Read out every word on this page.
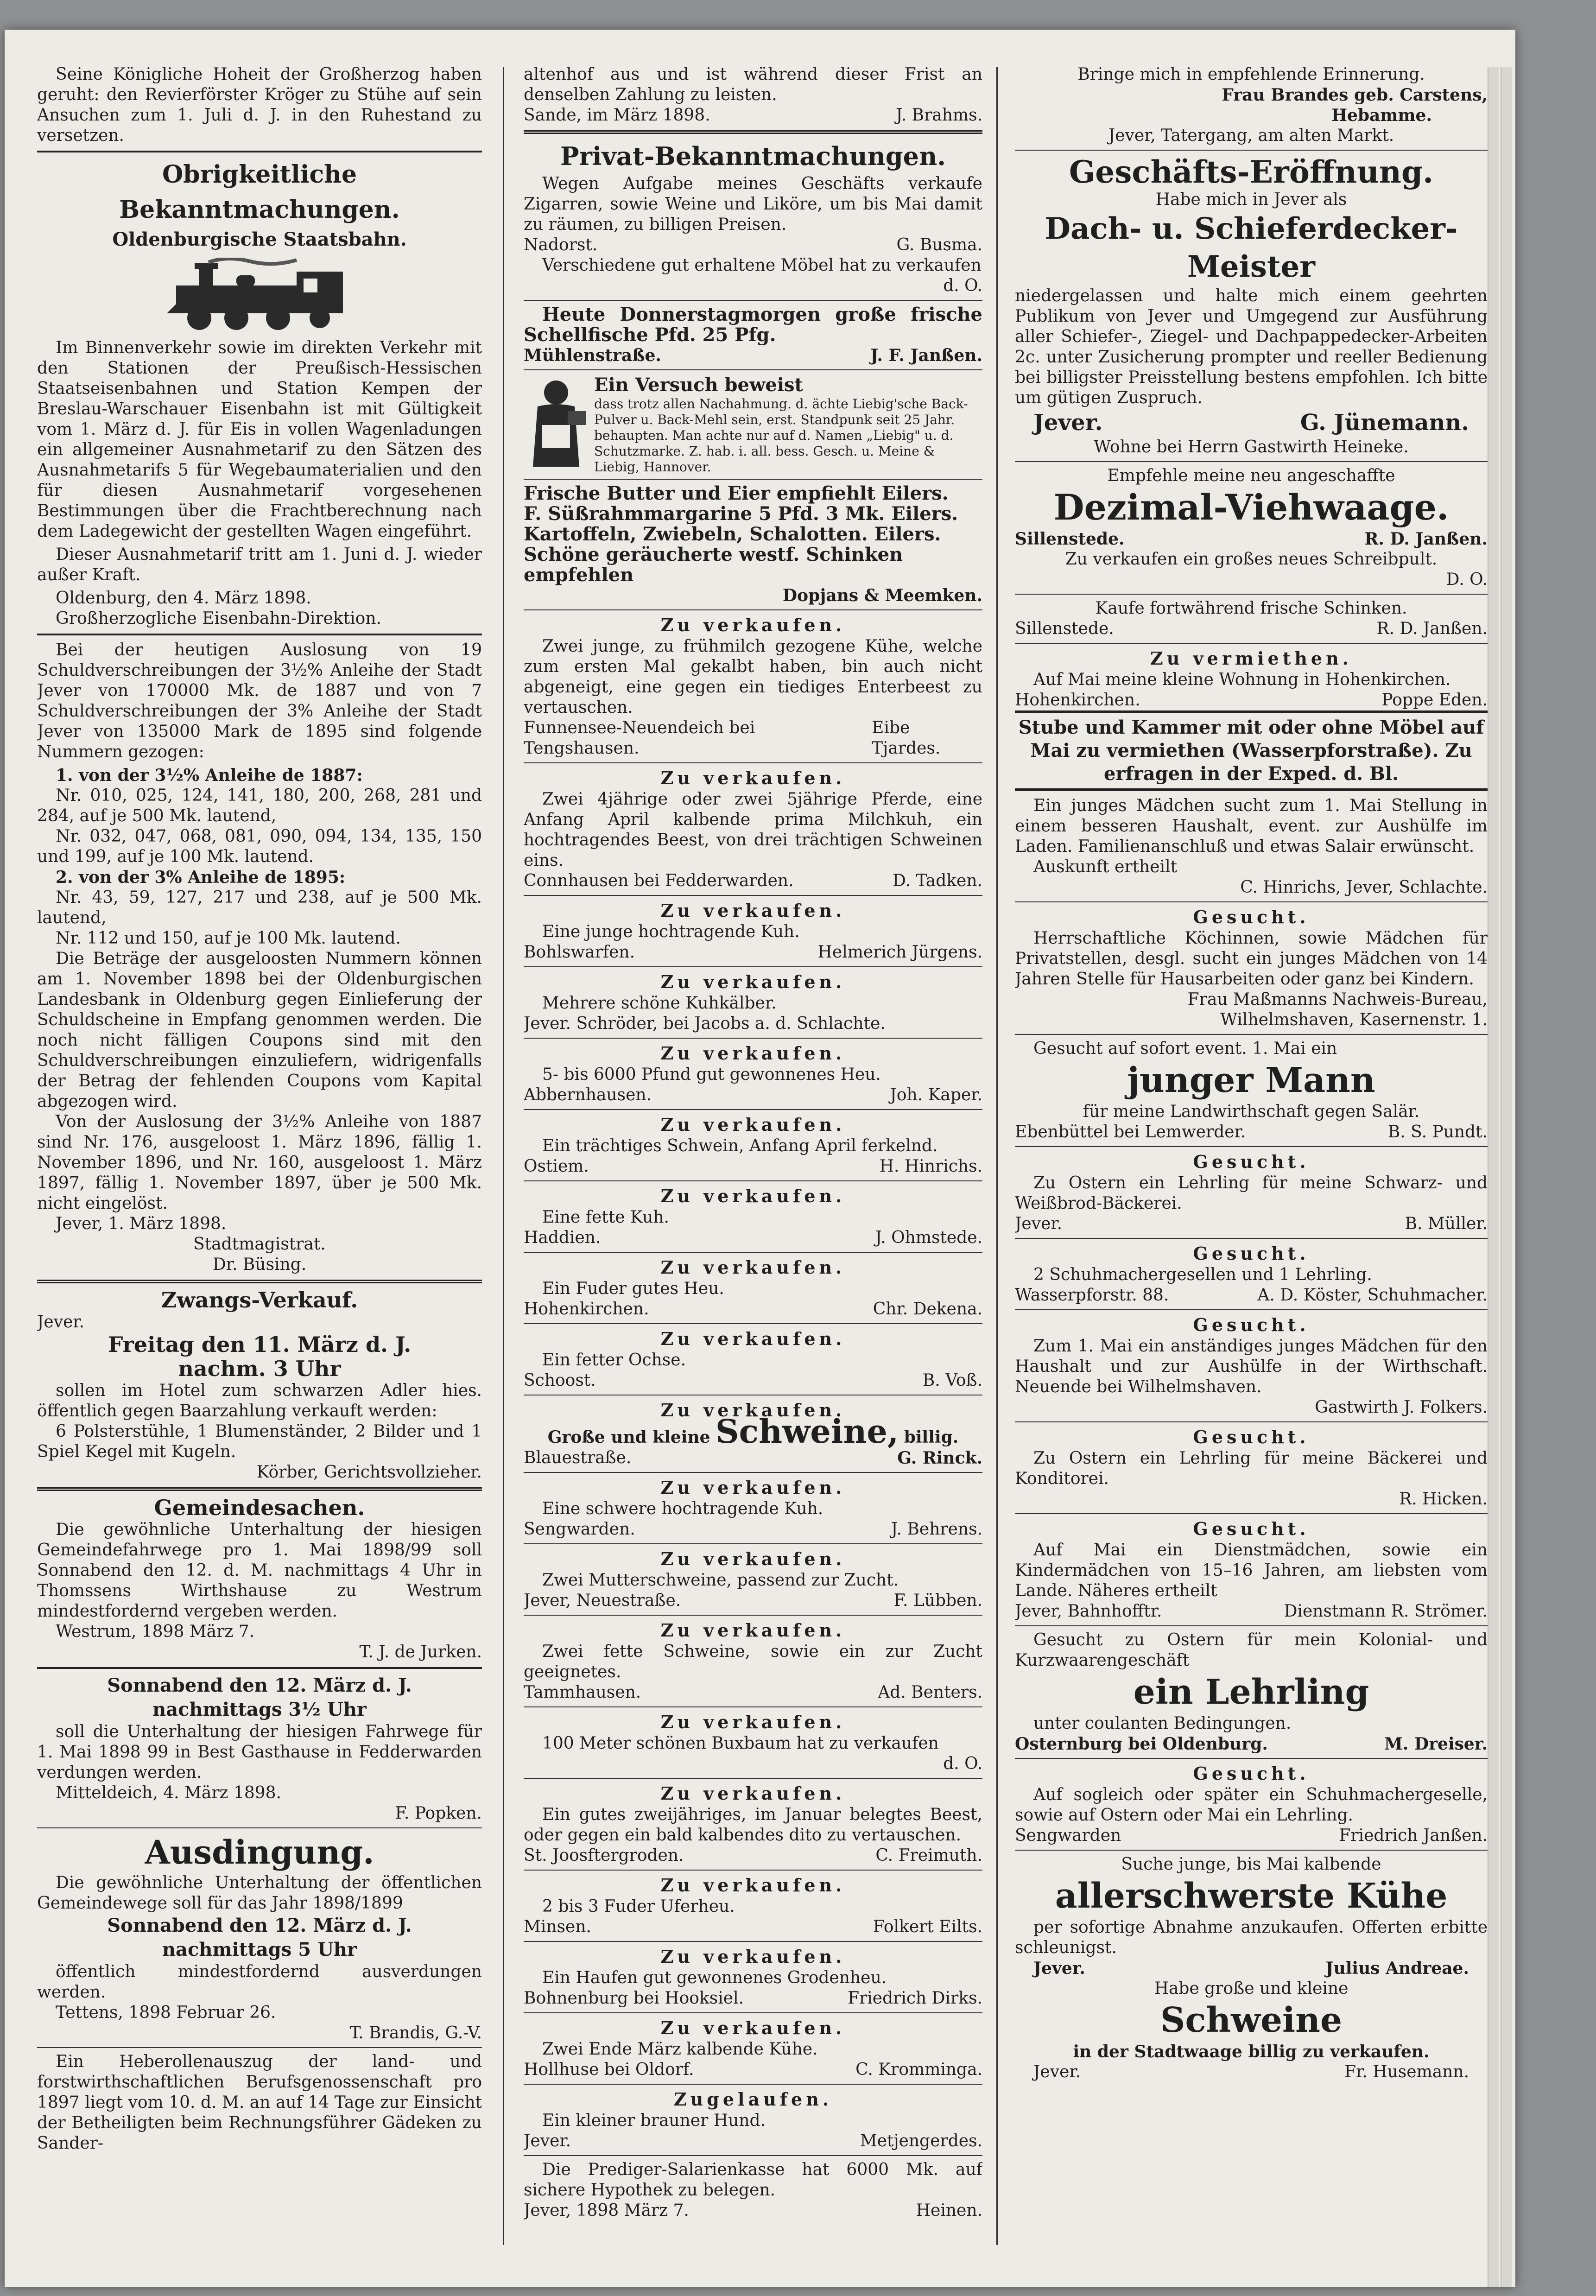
Seine Königliche Hoheit der Großherzog haben geruht: den Revierförster Kröger zu Stühe auf sein Ansuchen zum 1. Juli d. J. in den Ruhestand zu versetzen.
Obrigkeitliche Bekanntmachungen.
Oldenburgische Staatsbahn.
Im Binnenverkehr sowie im direkten Verkehr mit den Stationen der Preußisch-Hessischen Staatseisenbahnen und Station Kempen der Breslau-Warschauer Eisenbahn ist mit Gültigkeit vom 1. März d. J. für Eis in vollen Wagenladungen ein allgemeiner Ausnahmetarif zu den Sätzen des Ausnahmetarifs 5 für Wegebaumaterialien und den für diesen Ausnahmetarif vorgesehenen Bestimmungen über die Frachtberechnung nach dem Ladegewicht der gestellten Wagen eingeführt.
Dieser Ausnahmetarif tritt am 1. Juni d. J. wieder außer Kraft.
Oldenburg, den 4. März 1898.
Großherzogliche Eisenbahn-Direktion.
Bei der heutigen Auslosung von 19 Schuldverschreibungen der 3½% Anleihe der Stadt Jever von 170000 Mk. de 1887 und von 7 Schuldverschreibungen der 3% Anleihe der Stadt Jever von 135000 Mark de 1895 sind folgende Nummern gezogen:
1. von der 3½% Anleihe de 1887:
Nr. 010, 025, 124, 141, 180, 200, 268, 281 und 284, auf je 500 Mk. lautend,
Nr. 032, 047, 068, 081, 090, 094, 134, 135, 150 und 199, auf je 100 Mk. lautend.
2. von der 3% Anleihe de 1895:
Nr. 43, 59, 127, 217 und 238, auf je 500 Mk. lautend,
Nr. 112 und 150, auf je 100 Mk. lautend.
Die Beträge der ausgeloosten Nummern können am 1. November 1898 bei der Oldenburgischen Landesbank in Oldenburg gegen Einlieferung der Schuldscheine in Empfang genommen werden. Die noch nicht fälligen Coupons sind mit den Schuldverschreibungen einzuliefern, widrigenfalls der Betrag der fehlenden Coupons vom Kapital abgezogen wird.
Von der Auslosung der 3½% Anleihe von 1887 sind Nr. 176, ausgeloost 1. März 1896, fällig 1. November 1896, und Nr. 160, ausgeloost 1. März 1897, fällig 1. November 1897, über je 500 Mk. nicht eingelöst.
Jever, 1. März 1898.
Stadtmagistrat.
Dr. Büsing.
Zwangs-Verkauf.
Jever.
Freitag den 11. März d. J.
nachm. 3 Uhr
sollen im Hotel zum schwarzen Adler hies. öffentlich gegen Baarzahlung verkauft werden:
6 Polsterstühle, 1 Blumenständer, 2 Bilder und 1 Spiel Kegel mit Kugeln.
Körber, Gerichtsvollzieher.
Gemeindesachen.
Die gewöhnliche Unterhaltung der hiesigen Gemeindefahrwege pro 1. Mai 1898/99 soll Sonnabend den 12. d. M. nachmittags 4 Uhr in Thomssens Wirthshause zu Westrum mindestfordernd vergeben werden.
Westrum, 1898 März 7.
T. J. de Jurken.
Sonnabend den 12. März d. J.
nachmittags 3½ Uhr
soll die Unterhaltung der hiesigen Fahrwege für 1. Mai 1898 99 in Best Gasthause in Fedderwarden verdungen werden.
Mitteldeich, 4. März 1898.
F. Popken.
Ausdingung.
Die gewöhnliche Unterhaltung der öffentlichen Gemeindewege soll für das Jahr 1898/1899
Sonnabend den 12. März d. J.
nachmittags 5 Uhr
öffentlich mindestfordernd ausverdungen werden.
Tettens, 1898 Februar 26.
T. Brandis, G.-V.
Ein Heberollenauszug der land- und forstwirthschaftlichen Berufsgenossenschaft pro 1897 liegt vom 10. d. M. an auf 14 Tage zur Einsicht der Betheiligten beim Rechnungsführer Gädeken zu Sander-
altenhof aus und ist während dieser Frist an denselben Zahlung zu leisten.
Sande, im März 1898.	J. Brahms.
Privat-Bekanntmachungen.
Wegen Aufgabe meines Geschäfts verkaufe Zigarren, sowie Weine und Liköre, um bis Mai damit zu räumen, zu billigen Preisen.
Nadorst.	G. Busma.
Verschiedene gut erhaltene Möbel hat zu verkaufen
d. O.
Heute Donnerstagmorgen große frische Schellfische Pfd. 25 Pfg.
Mühlenstraße.	J. F. Janßen.
Ein Versuch beweist
dass trotz allen Nachahmung. d. ächte Liebig'sche Back-Pulver u. Back-Mehl sein, erst. Standpunk seit 25 Jahr. behaupten. Man achte nur auf d. Namen „Liebig" u. d. Schutzmarke. Z. hab. i. all. bess. Gesch. u. Meine & Liebig, Hannover.
Frische Butter und Eier empfiehlt Eilers.
F. Süßrahmmargarine 5 Pfd. 3 Mk. Eilers.
Kartoffeln, Zwiebeln, Schalotten. Eilers.
Schöne geräucherte westf. Schinken empfehlen
Dopjans & Meemken.
Zu verkaufen.
Zwei junge, zu frühmilch gezogene Kühe, welche zum ersten Mal gekalbt haben, bin auch nicht abgeneigt, eine gegen ein tiediges Enterbeest zu vertauschen.
Funnensee-Neuendeich bei Tengshausen.
Eibe Tjardes.
Zu verkaufen.
Zwei 4jährige oder zwei 5jährige Pferde, eine Anfang April kalbende prima Milchkuh, ein hochtragendes Beest, von drei trächtigen Schweinen eins.
Connhausen bei Fedderwarden.	D. Tadken.
Zu verkaufen.
Eine junge hochtragende Kuh.
Bohlswarfen.	Helmerich Jürgens.
Zu verkaufen.
Mehrere schöne Kuhkälber.
Jever. Schröder, bei Jacobs a. d. Schlachte.
Zu verkaufen.
5- bis 6000 Pfund gut gewonnenes Heu.
Abbernhausen.	Joh. Kaper.
Zu verkaufen.
Ein trächtiges Schwein, Anfang April ferkelnd.
Ostiem.	H. Hinrichs.
Zu verkaufen.
Eine fette Kuh.
Haddien.	J. Ohmstede.
Zu verkaufen.
Ein Fuder gutes Heu.
Hohenkirchen.	Chr. Dekena.
Zu verkaufen.
Ein fetter Ochse.
Schoost.	B. Voß.
Zu verkaufen.
Große und kleine Schweine, billig.
Blauestraße.	G. Rinck.
Zu verkaufen.
Eine schwere hochtragende Kuh.
Sengwarden.	J. Behrens.
Zu verkaufen.
Zwei Mutterschweine, passend zur Zucht.
Jever, Neuestraße.	F. Lübben.
Zu verkaufen.
Zwei fette Schweine, sowie ein zur Zucht geeignetes.
Tammhausen.	Ad. Benters.
Zu verkaufen.
100 Meter schönen Buxbaum hat zu verkaufen
d. O.
Zu verkaufen.
Ein gutes zweijähriges, im Januar belegtes Beest, oder gegen ein bald kalbendes dito zu vertauschen.
St. Joosftergroden.	C. Freimuth.
Zu verkaufen.
2 bis 3 Fuder Uferheu.
Minsen.	Folkert Eilts.
Zu verkaufen.
Ein Haufen gut gewonnenes Grodenheu.
Bohnenburg bei Hooksiel.	Friedrich Dirks.
Zu verkaufen.
Zwei Ende März kalbende Kühe.
Hollhuse bei Oldorf.	C. Kromminga.
Zugelaufen.
Ein kleiner brauner Hund.
Jever.	Metjengerdes.
Die Prediger-Salarienkasse hat 6000 Mk. auf sichere Hypothek zu belegen.
Jever, 1898 März 7.	Heinen.
Bringe mich in empfehlende Erinnerung.
Frau Brandes geb. Carstens,
Hebamme.
Jever, Tatergang, am alten Markt.
Geschäfts-Eröffnung.
Habe mich in Jever als
Dach- u. Schieferdecker-Meister
niedergelassen und halte mich einem geehrten Publikum von Jever und Umgegend zur Ausführung aller Schiefer-, Ziegel- und Dachpappedecker-Arbeiten 2c. unter Zusicherung prompter und reeller Bedienung bei billigster Preisstellung bestens empfohlen. Ich bitte um gütigen Zuspruch.
Jever.	G. Jünemann.
Wohne bei Herrn Gastwirth Heineke.
Empfehle meine neu angeschaffte
Dezimal-Viehwaage.
Sillenstede.	R. D. Janßen.
Zu verkaufen ein großes neues Schreibpult.
D. O.
Kaufe fortwährend frische Schinken.
Sillenstede.	R. D. Janßen.
Zu vermiethen.
Auf Mai meine kleine Wohnung in Hohenkirchen.
Hohenkirchen.	Poppe Eden.
Stube und Kammer mit oder ohne Möbel auf Mai zu vermiethen (Wasserpforstraße). Zu erfragen in der Exped. d. Bl.
Ein junges Mädchen sucht zum 1. Mai Stellung in einem besseren Haushalt, event. zur Aushülfe im Laden. Familienanschluß und etwas Salair erwünscht.
Auskunft ertheilt
C. Hinrichs, Jever, Schlachte.
Gesucht.
Herrschaftliche Köchinnen, sowie Mädchen für Privatstellen, desgl. sucht ein junges Mädchen von 14 Jahren Stelle für Hausarbeiten oder ganz bei Kindern.
Frau Maßmanns Nachweis-Bureau,
Wilhelmshaven, Kasernenstr. 1.
Gesucht auf sofort event. 1. Mai ein
junger Mann
für meine Landwirthschaft gegen Salär.
Ebenbüttel bei Lemwerder.	B. S. Pundt.
Gesucht.
Zu Ostern ein Lehrling für meine Schwarz- und Weißbrod-Bäckerei.
Jever.	B. Müller.
Gesucht.
2 Schuhmachergesellen und 1 Lehrling.
Wasserpforstr. 88.	A. D. Köster, Schuhmacher.
Gesucht.
Zum 1. Mai ein anständiges junges Mädchen für den Haushalt und zur Aushülfe in der Wirthschaft. Neuende bei Wilhelmshaven.
Gastwirth J. Folkers.
Gesucht.
Zu Ostern ein Lehrling für meine Bäckerei und Konditorei.
R. Hicken.
Gesucht.
Auf Mai ein Dienstmädchen, sowie ein Kindermädchen von 15–16 Jahren, am liebsten vom Lande. Näheres ertheilt
Jever, Bahnhofftr.	Dienstmann R. Strömer.
Gesucht zu Ostern für mein Kolonial- und Kurzwaarengeschäft
ein Lehrling
unter coulanten Bedingungen.
Osternburg bei Oldenburg.	M. Dreiser.
Gesucht.
Auf sogleich oder später ein Schuhmachergeselle, sowie auf Ostern oder Mai ein Lehrling.
Sengwarden	Friedrich Janßen.
Suche junge, bis Mai kalbende
allerschwerste Kühe
per sofortige Abnahme anzukaufen. Offerten erbitte schleunigst.
Jever.	Julius Andreae.
Habe große und kleine
Schweine
in der Stadtwaage billig zu verkaufen.
Jever.	Fr. Husemann.
